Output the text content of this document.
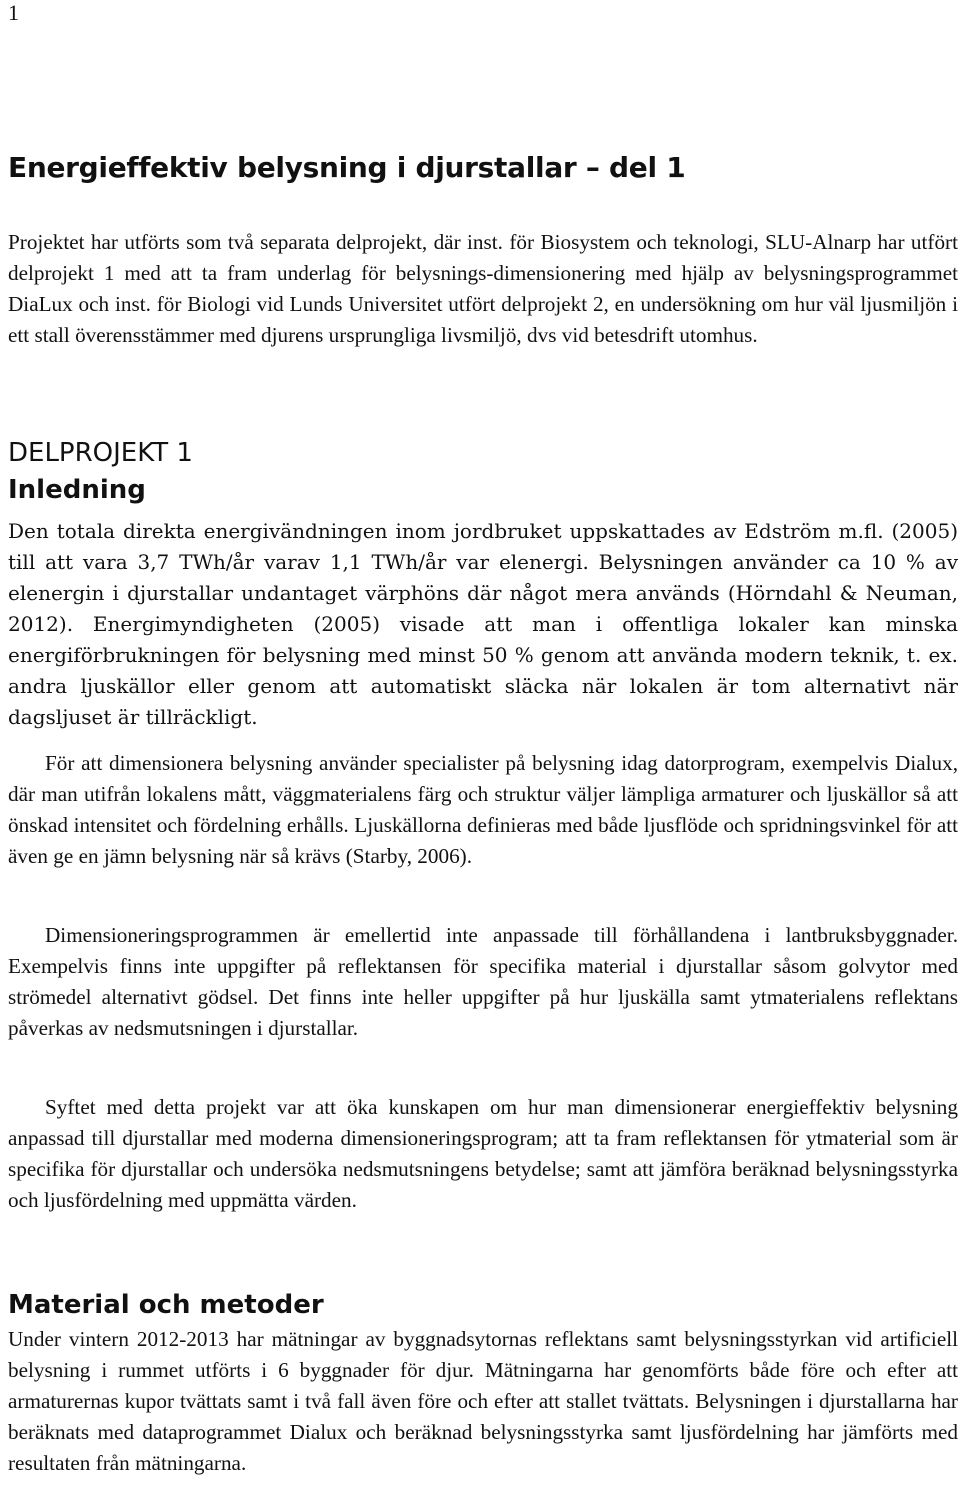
1

Energieffektiv belysning i djurstallar – del 1

Projektet har utförts som två separata delprojekt, där inst. för Biosystem och teknologi, SLU-Alnarp har utfört delprojekt 1 med att ta fram underlag för belysnings-dimensionering med hjälp av belysningsprogrammet DiaLux och inst. för Biologi vid Lunds Universitet utfört delprojekt 2, en undersökning om hur väl ljusmiljön i ett stall överensstämmer med djurens ursprungliga livsmiljö, dvs vid betesdrift utomhus.

DELPROJEKT 1
Inledning

Den totala direkta energivändningen inom jordbruket uppskattades av Edström m.fl. (2005) till att vara 3,7 TWh/år varav 1,1 TWh/år var elenergi. Belysningen använder ca 10 % av elenergin i djurstallar undantaget värphöns där något mera används (Hörndahl & Neuman, 2012). Energimyndigheten (2005) visade att man i offentliga lokaler kan minska energiförbrukningen för belysning med minst 50 % genom att använda modern teknik, t. ex. andra ljuskällor eller genom att automatiskt släcka när lokalen är tom alternativt när dagsljuset är tillräckligt.

För att dimensionera belysning använder specialister på belysning idag datorprogram, exempelvis Dialux, där man utifrån lokalens mått, väggmaterialens färg och struktur väljer lämpliga armaturer och ljuskällor så att önskad intensitet och fördelning erhålls. Ljuskällorna definieras med både ljusflöde och spridningsvinkel för att även ge en jämn belysning när så krävs (Starby, 2006).

Dimensioneringsprogrammen är emellertid inte anpassade till förhållandena i lantbruksbyggnader. Exempelvis finns inte uppgifter på reflektansen för specifika material i djurstallar såsom golvytor med strömedel alternativt gödsel. Det finns inte heller uppgifter på hur ljuskälla samt ytmaterialens reflektans påverkas av nedsmutsningen i djurstallar.

Syftet med detta projekt var att öka kunskapen om hur man dimensionerar energieffektiv belysning anpassad till djurstallar med moderna dimensioneringsprogram; att ta fram reflektansen för ytmaterial som är specifika för djurstallar och undersöka nedsmutsningens betydelse; samt att jämföra beräknad belysningsstyrka och ljusfördelning med uppmätta värden.

Material och metoder

Under vintern 2012-2013 har mätningar av byggnadsytornas reflektans samt belysningsstyrkan vid artificiell belysning i rummet utförts i 6 byggnader för djur. Mätningarna har genomförts både före och efter att armaturernas kupor tvättats samt i två fall även före och efter att stallet tvättats. Belysningen i djurstallarna har beräknats med dataprogrammet Dialux och beräknad belysningsstyrka samt ljusfördelning har jämförts med resultaten från mätningarna.
